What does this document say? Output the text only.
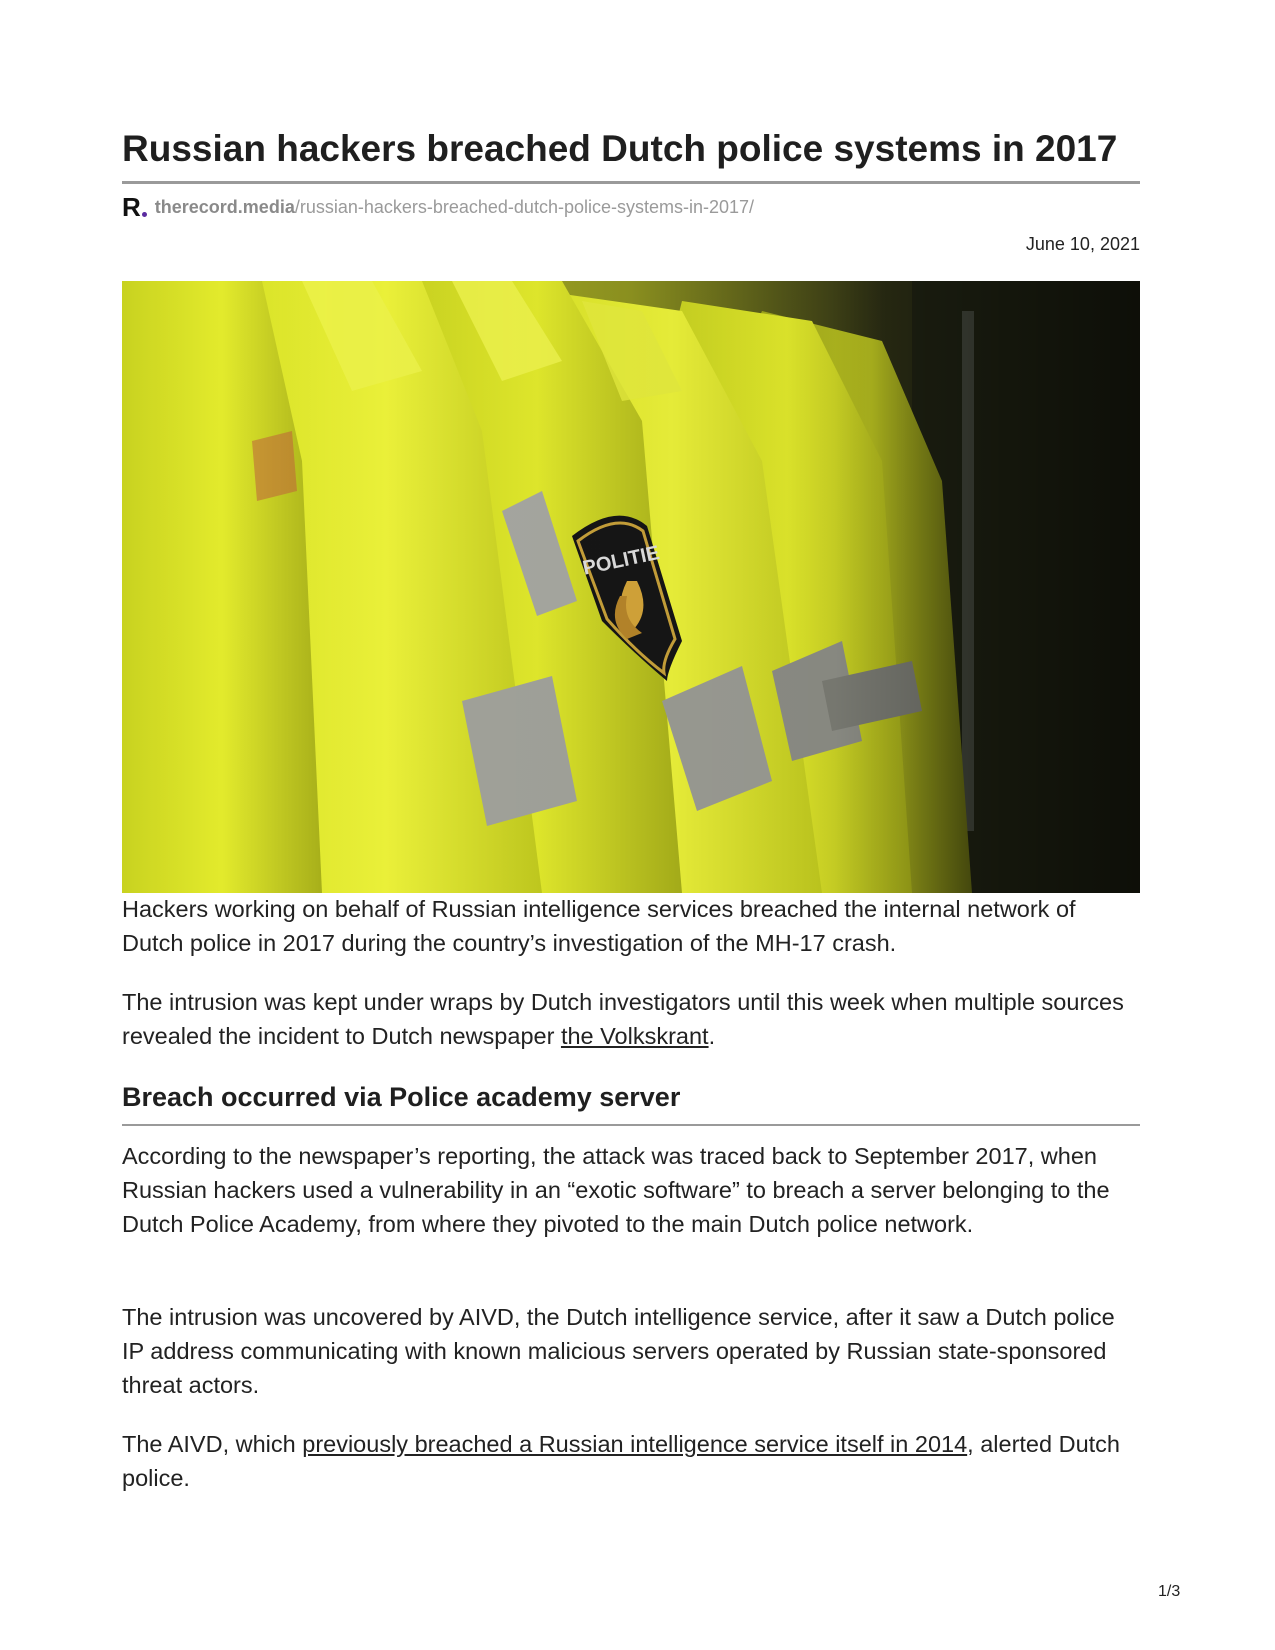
Russian hackers breached Dutch police systems in 2017
R therecord.media /russian-hackers-breached-dutch-police-systems-in-2017/
June 10, 2021

Hackers working on behalf of Russian intelligence services breached the internal network of Dutch police in 2017 during the country’s investigation of the MH-17 crash.

The intrusion was kept under wraps by Dutch investigators until this week when multiple sources revealed the incident to Dutch newspaper the Volkskrant.

Breach occurred via Police academy server

According to the newspaper’s reporting, the attack was traced back to September 2017, when Russian hackers used a vulnerability in an “exotic software” to breach a server belonging to the Dutch Police Academy, from where they pivoted to the main Dutch police network.

The intrusion was uncovered by AIVD, the Dutch intelligence service, after it saw a Dutch police IP address communicating with known malicious servers operated by Russian state-sponsored threat actors.

The AIVD, which previously breached a Russian intelligence service itself in 2014, alerted Dutch police.

1/3
